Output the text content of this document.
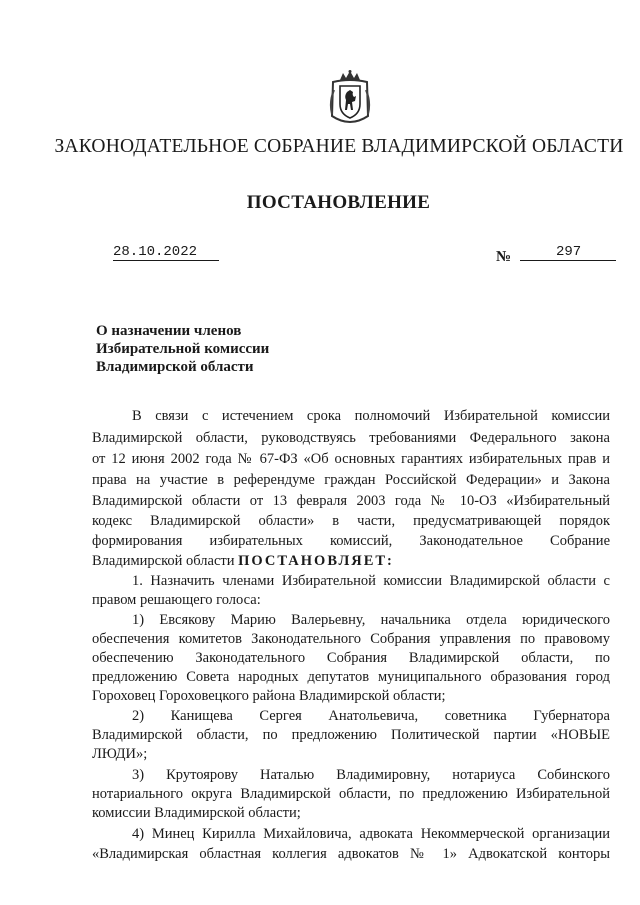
ЗАКОНОДАТЕЛЬНОЕ СОБРАНИЕ ВЛАДИМИРСКОЙ ОБЛАСТИ
ПОСТАНОВЛЕНИЕ
28.10.2022	№	297
О назначении членов
Избирательной комиссии
Владимирской области
В связи с истечением срока полномочий Избирательной комиссии
Владимирской области, руководствуясь требованиями Федерального закона
от 12 июня 2002 года № 67-ФЗ «Об основных гарантиях избирательных прав и
права на участие в референдуме граждан Российской Федерации» и Закона
Владимирской области от 13 февраля 2003 года № 10-ОЗ «Избирательный
кодекс Владимирской области» в части, предусматривающей порядок
формирования избирательных комиссий, Законодательное Собрание
Владимирской области ПОСТАНОВЛЯЕТ:
1. Назначить членами Избирательной комиссии Владимирской области с
правом решающего голоса:
1) Евсякову Марию Валерьевну, начальника отдела юридического
обеспечения комитетов Законодательного Собрания управления по правовому
обеспечению Законодательного Собрания Владимирской области, по
предложению Совета народных депутатов муниципального образования город
Гороховец Гороховецкого района Владимирской области;
2) Канищева Сергея Анатольевича, советника Губернатора
Владимирской области, по предложению Политической партии «НОВЫЕ
ЛЮДИ»;
3) Крутоярову Наталью Владимировну, нотариуса Собинского
нотариального округа Владимирской области, по предложению Избирательной
комиссии Владимирской области;
4) Минец Кирилла Михайловича, адвоката Некоммерческой организации
«Владимирская областная коллегия адвокатов № 1» Адвокатской конторы
